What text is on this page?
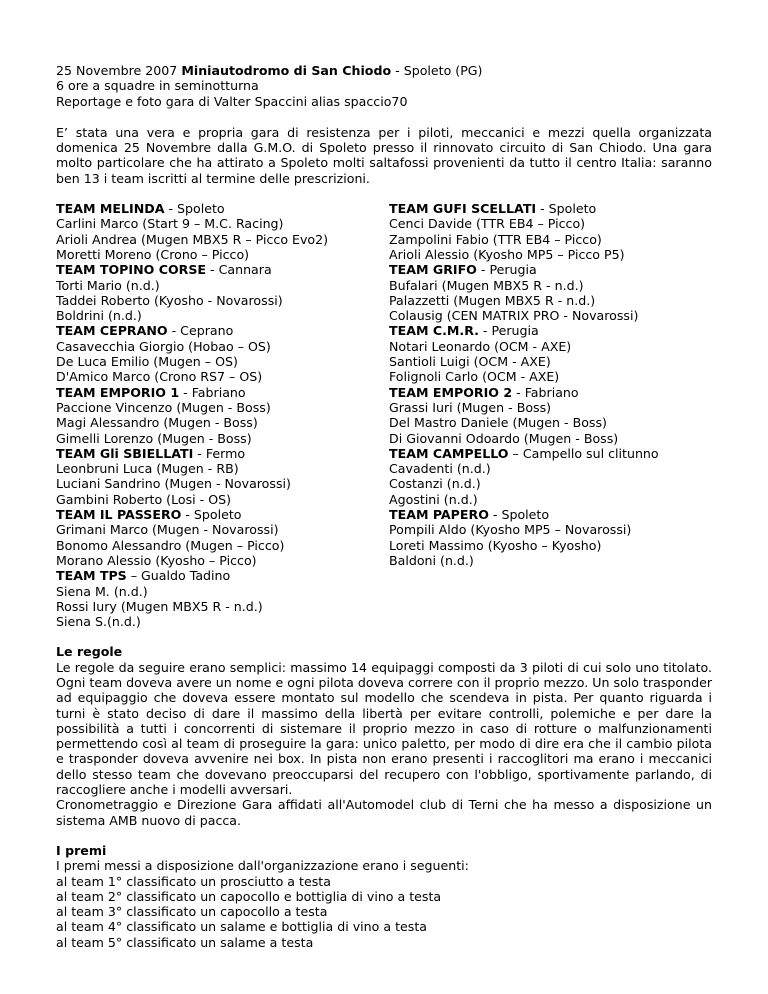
25 Novembre 2007 Miniautodromo di San Chiodo - Spoleto (PG)

6 ore a squadre in seminotturna

Reportage e foto gara di Valter Spaccini alias spaccio70

E’ stata una vera e propria gara di resistenza per i piloti, meccanici e mezzi quella organizzata domenica 25 Novembre dalla G.M.O. di Spoleto presso il rinnovato circuito di San Chiodo. Una gara molto particolare che ha attirato a Spoleto molti saltafossi provenienti da tutto il centro Italia: saranno ben 13 i team iscritti al termine delle prescrizioni.

TEAM MELINDA - Spoleto
Carlini Marco (Start 9 – M.C. Racing)
Arioli Andrea (Mugen MBX5 R – Picco Evo2)
Moretti Moreno (Crono – Picco)
TEAM TOPINO CORSE - Cannara
Torti Mario (n.d.)
Taddei Roberto (Kyosho - Novarossi)
Boldrini (n.d.)
TEAM CEPRANO - Ceprano
Casavecchia Giorgio (Hobao – OS)
De Luca Emilio (Mugen – OS)
D'Amico Marco (Crono RS7 – OS)
TEAM EMPORIO 1 - Fabriano
Paccione Vincenzo (Mugen - Boss)
Magi Alessandro (Mugen - Boss)
Gimelli Lorenzo (Mugen - Boss)
TEAM Gli SBIELLATI - Fermo
Leonbruni Luca (Mugen - RB)
Luciani Sandrino (Mugen - Novarossi)
Gambini Roberto (Losi - OS)
TEAM IL PASSERO - Spoleto
Grimani Marco (Mugen - Novarossi)
Bonomo Alessandro (Mugen – Picco)
Morano Alessio (Kyosho – Picco)
TEAM TPS – Gualdo Tadino
Siena M. (n.d.)
Rossi Iury (Mugen MBX5 R - n.d.)
Siena S.(n.d.)
TEAM GUFI SCELLATI - Spoleto
Cenci Davide (TTR EB4 – Picco)
Zampolini Fabio (TTR EB4 – Picco)
Arioli Alessio (Kyosho MP5 – Picco P5)
TEAM GRIFO - Perugia
Bufalari (Mugen MBX5 R - n.d.)
Palazzetti (Mugen MBX5 R - n.d.)
Colausig (CEN MATRIX PRO - Novarossi)
TEAM C.M.R. - Perugia
Notari Leonardo (OCM - AXE)
Santioli Luigi (OCM - AXE)
Folignoli Carlo (OCM - AXE)
TEAM EMPORIO 2 - Fabriano
Grassi Iuri (Mugen - Boss)
Del Mastro Daniele (Mugen - Boss)
Di Giovanni Odoardo (Mugen - Boss)
TEAM CAMPELLO – Campello sul clitunno
Cavadenti (n.d.)
Costanzi (n.d.)
Agostini (n.d.)
TEAM PAPERO - Spoleto
Pompili Aldo (Kyosho MP5 – Novarossi)
Loreti Massimo (Kyosho – Kyosho)
Baldoni (n.d.)
Le regole

Le regole da seguire erano semplici: massimo 14 equipaggi composti da 3 piloti di cui solo uno titolato. Ogni team doveva avere un nome e ogni pilota doveva correre con il proprio mezzo. Un solo trasponder ad equipaggio che doveva essere montato sul modello che scendeva in pista. Per quanto riguarda i turni è stato deciso di dare il massimo della libertà per evitare controlli, polemiche e per dare la possibilità a tutti i concorrenti di sistemare il proprio mezzo in caso di rotture o malfunzionamenti permettendo così al team di proseguire la gara: unico paletto, per modo di dire era che il cambio pilota e trasponder doveva avvenire nei box. In pista non erano presenti i raccoglitori ma erano i meccanici dello stesso team che dovevano preoccuparsi del recupero con l'obbligo, sportivamente parlando, di raccogliere anche i modelli avversari.

Cronometraggio e Direzione Gara affidati all'Automodel club di Terni che ha messo a disposizione un sistema AMB nuovo di pacca.

I premi
I premi messi a disposizione dall'organizzazione erano i seguenti:
al team 1° classificato un prosciutto a testa
al team 2° classificato un capocollo e bottiglia di vino a testa
al team 3° classificato un capocollo a testa
al team 4° classificato un salame e bottiglia di vino a testa
al team 5° classificato un salame a testa
